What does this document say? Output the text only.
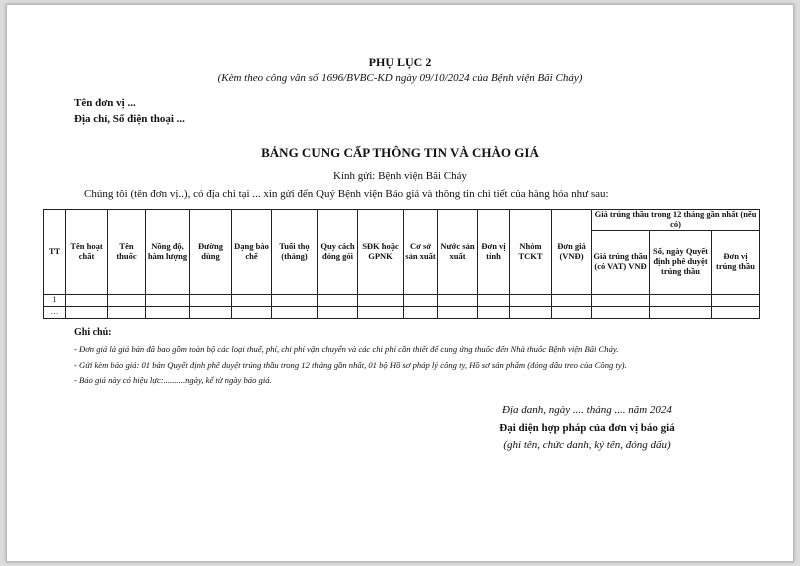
PHỤ LỤC 2
(Kèm theo công văn số 1696/BVBC-KD ngày 09/10/2024 của Bệnh viện Bãi Cháy)
Tên đơn vị ...
Địa chỉ, Số điện thoại ...
BẢNG CUNG CẤP THÔNG TIN VÀ CHÀO GIÁ
Kính gửi: Bệnh viện Bãi Cháy
Chúng tôi (tên đơn vị..), có địa chỉ tại ... xin gửi đến Quý Bệnh viện Báo giá và thông tin chi tiết của hàng hóa như sau:
TT	Tên hoạt chất	Tên thuốc	Nồng độ, hàm lượng	Đường dùng	Dạng bào chế	Tuổi thọ (tháng)	Quy cách đóng gói	SĐK hoặc GPNK	Cơ sở sản xuất	Nước sản xuất	Đơn vị tính	Nhóm TCKT	Đơn giá (VNĐ)	Giá trúng thầu trong 12 tháng gần nhất (nếu có)		
														Giá trúng thầu (có VAT) VNĐ	Số, ngày Quyết định phê duyệt trúng thầu	Đơn vị trúng thầu
1																
…																
Ghi chú:
- Đơn giá là giá bán đã bao gồm toàn bộ các loại thuế, phí, chi phí vận chuyển và các chi phí cần thiết để cung ứng thuốc đến Nhà thuốc Bệnh viện Bãi Cháy.
- Gửi kèm báo giá: 01 bản Quyết định phê duyệt trúng thầu trong 12 tháng gần nhất, 01 bộ Hồ sơ pháp lý công ty, Hồ sơ sản phẩm (đóng dấu treo của Công ty).
- Báo giá này có hiệu lực:..........ngày, kể từ ngày báo giá.
Địa danh, ngày .... tháng .... năm 2024
Đại diện hợp pháp của đơn vị báo giá
(ghi tên, chức danh, ký tên, đóng dấu)
